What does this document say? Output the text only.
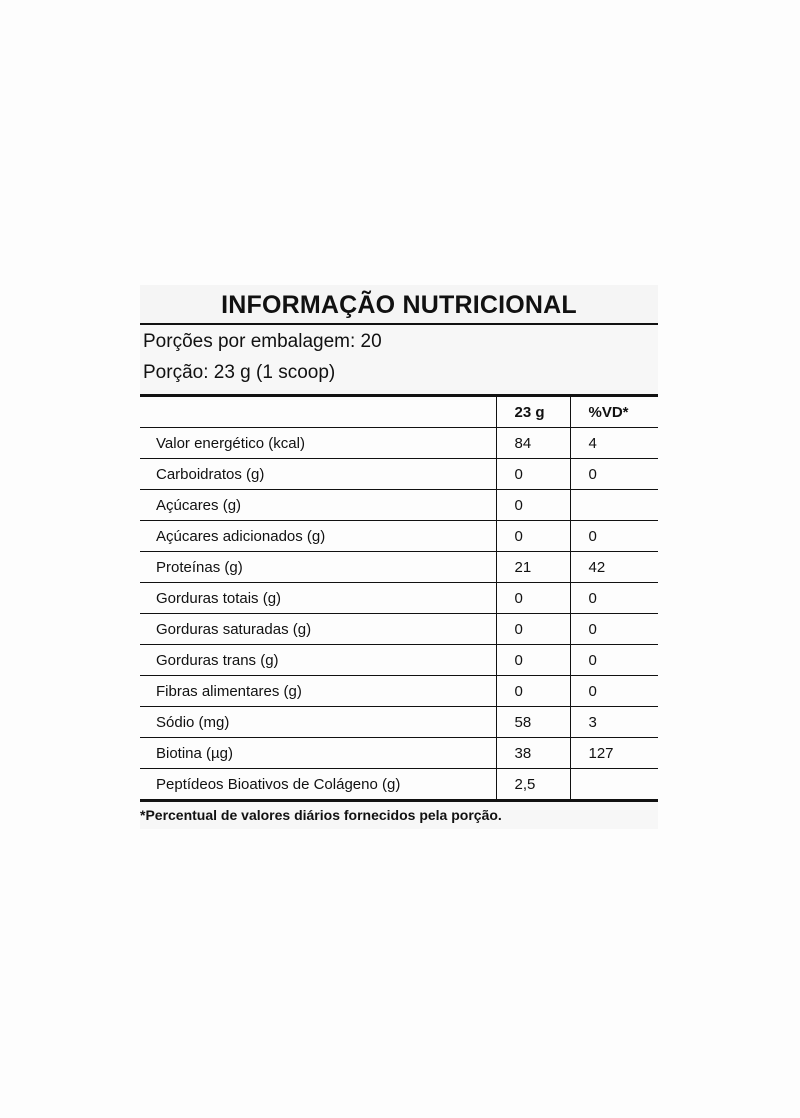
INFORMAÇÃO NUTRICIONAL
Porções por embalagem: 20
Porção: 23 g (1 scoop)
	23 g	%VD*
Valor energético (kcal)	84	4
Carboidratos (g)	0	0
Açúcares (g)	0	
Açúcares adicionados (g)	0	0
Proteínas (g)	21	42
Gorduras totais (g)	0	0
Gorduras saturadas (g)	0	0
Gorduras trans (g)	0	0
Fibras alimentares (g)	0	0
Sódio (mg)	58	3
Biotina (µg)	38	127
Peptídeos Bioativos de Colágeno (g)	2,5	
*Percentual de valores diários fornecidos pela porção.
